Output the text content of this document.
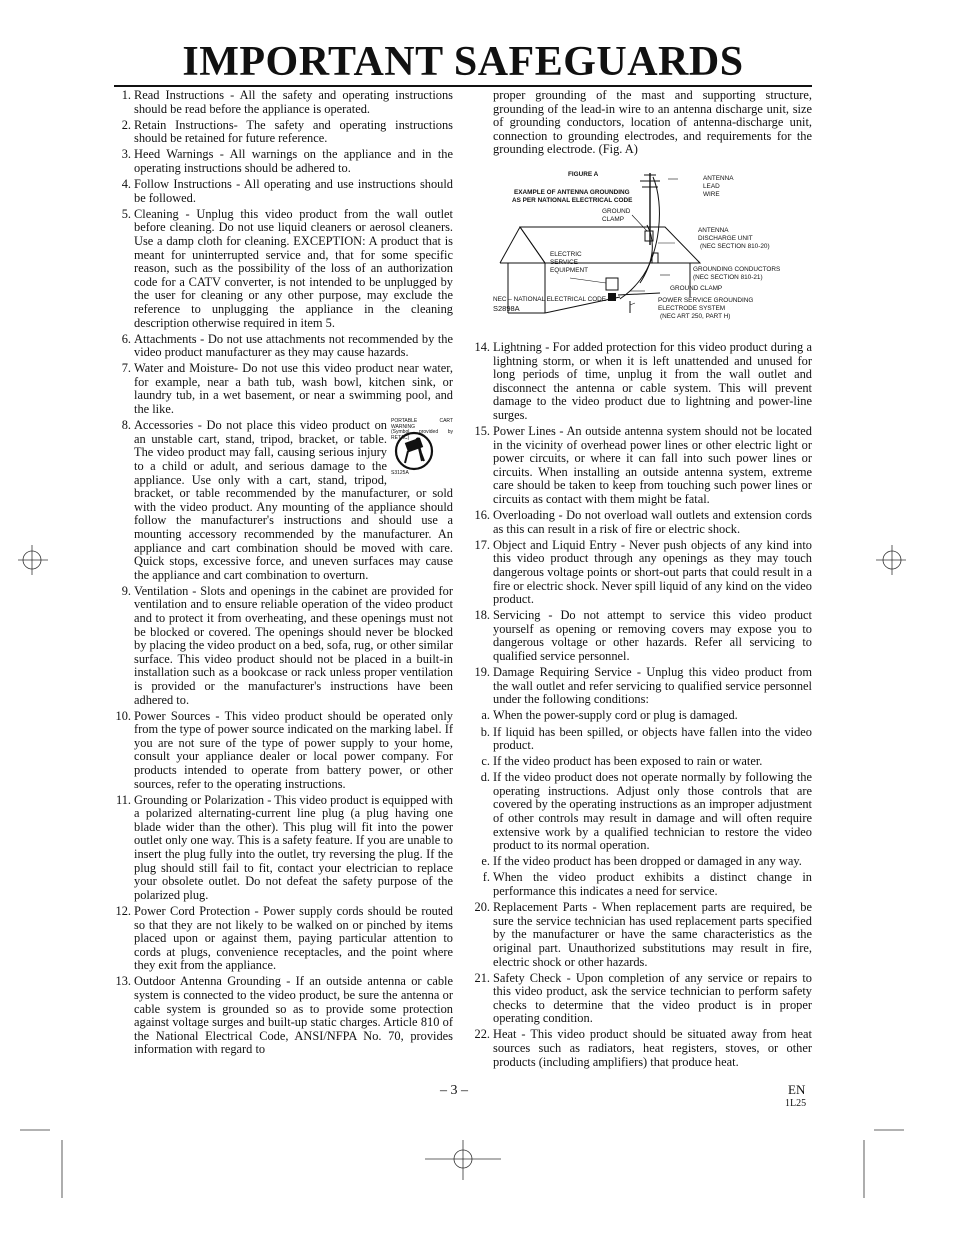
IMPORTANT SAFEGUARDS
1. Read Instructions - All the safety and operating instructions should be read before the appliance is operated.
2. Retain Instructions- The safety and operating instructions should be retained for future reference.
3. Heed Warnings - All warnings on the appliance and in the operating instructions should be adhered to.
4. Follow Instructions - All operating and use instructions should be followed.
5. Cleaning - Unplug this video product from the wall outlet before cleaning. Do not use liquid cleaners or aerosol cleaners. Use a damp cloth for cleaning. EXCEPTION: A product that is meant for uninterrupted service and, that for some specific reason, such as the possibility of the loss of an authorization code for a CATV converter, is not intended to be unplugged by the user for cleaning or any other purpose, may exclude the reference to unplugging the appliance in the cleaning description otherwise required in item 5.
6. Attachments - Do not use attachments not recommended by the video product manufacturer as they may cause hazards.
7. Water and Moisture- Do not use this video product near water, for example, near a bath tub, wash bowl, kitchen sink, or laundry tub, in a wet basement, or near a swimming pool, and the like.
8.	PORTABLE CART WARNING
(Symbol provided by RETAC)
S3125A
Accessories - Do not place this video product on an unstable cart, stand, tripod, bracket, or table. The video product may fall, causing serious injury to a child or adult, and serious damage to the appliance. Use only with a cart, stand, tripod, bracket, or table recommended by the manufacturer, or sold with the video product. Any mounting of the appliance should follow the manufacturer's instructions and should use a mounting accessory recommended by the manufacturer. An appliance and cart combination should be moved with care. Quick stops, excessive force, and uneven surfaces may cause the appliance and cart combination to overturn.
9. Ventilation - Slots and openings in the cabinet are provided for ventilation and to ensure reliable operation of the video product and to protect it from overheating, and these openings must not be blocked or covered. The openings should never be blocked by placing the video product on a bed, sofa, rug, or other similar surface. This video product should not be placed in a built-in installation such as a bookcase or rack unless proper ventilation is provided or the manufacturer's instructions have been adhered to.
10. Power Sources - This video product should be operated only from the type of power source indicated on the marking label. If you are not sure of the type of power supply to your home, consult your appliance dealer or local power company. For products intended to operate from battery power, or other sources, refer to the operating instructions.
11. Grounding or Polarization - This video product is equipped with a polarized alternating-current line plug (a plug having one blade wider than the other). This plug will fit into the power outlet only one way. This is a safety feature. If you are unable to insert the plug fully into the outlet, try reversing the plug. If the plug should still fail to fit, contact your electrician to replace your obsolete outlet. Do not defeat the safety purpose of the polarized plug.
12. Power Cord Protection - Power supply cords should be routed so that they are not likely to be walked on or pinched by items placed upon or against them, paying particular attention to cords at plugs, convenience receptacles, and the point where they exit from the appliance.
13. Outdoor Antenna Grounding - If an outside antenna or cable system is connected to the video product, be sure the antenna or cable system is grounded so as to provide some protection against voltage surges and built-up static charges. Article 810 of the National Electrical Code, ANSI/NFPA No. 70, provides information with regard to
proper grounding of the mast and supporting structure, grounding of the lead-in wire to an antenna discharge unit, size of grounding conductors, location of antenna-discharge unit, connection to grounding electrodes, and requirements for the grounding electrode. (Fig. A)
FIGURE A
EXAMPLE OF ANTENNA GROUNDING
AS PER NATIONAL ELECTRICAL CODE
ANTENNA
LEAD
WIRE
GROUND
CLAMP
ANTENNA
DISCHARGE UNIT
(NEC SECTION 810-20)
ELECTRIC
SERVICE
EQUIPMENT	GROUNDING CONDUCTORS
(NEC SECTION 810-21)
GROUND CLAMP
NEC – NATIONAL ELECTRICAL CODE
S2898A
POWER SERVICE GROUNDING
ELECTRODE SYSTEM
(NEC ART 250, PART H)
14. Lightning - For added protection for this video product during a lightning storm, or when it is left unattended and unused for long periods of time, unplug it from the wall outlet and disconnect the antenna or cable system. This will prevent damage to the video product due to lightning and power-line surges.
15. Power Lines - An outside antenna system should not be located in the vicinity of overhead power lines or other electric light or power circuits, or where it can fall into such power lines or circuits. When installing an outside antenna system, extreme care should be taken to keep from touching such power lines or circuits as contact with them might be fatal.
16. Overloading - Do not overload wall outlets and extension cords as this can result in a risk of fire or electric shock.
17. Object and Liquid Entry - Never push objects of any kind into this video product through any openings as they may touch dangerous voltage points or short-out parts that could result in a fire or electric shock. Never spill liquid of any kind on the video product.
18. Servicing - Do not attempt to service this video product yourself as opening or removing covers may expose you to dangerous voltage or other hazards. Refer all servicing to qualified service personnel.
19. Damage Requiring Service - Unplug this video product from the wall outlet and refer servicing to qualified service personnel under the following conditions:
a. When the power-supply cord or plug is damaged.
b. If liquid has been spilled, or objects have fallen into the video product.
c. If the video product has been exposed to rain or water.
d. If the video product does not operate normally by following the operating instructions. Adjust only those controls that are covered by the operating instructions as an improper adjustment of other controls may result in damage and will often require extensive work by a qualified technician to restore the video product to its normal operation.
e. If the video product has been dropped or damaged in any way.
f. When the video product exhibits a distinct change in performance this indicates a need for service.
20. Replacement Parts - When replacement parts are required, be sure the service technician has used replacement parts specified by the manufacturer or have the same characteristics as the original part. Unauthorized substitutions may result in fire, electric shock or other hazards.
21. Safety Check - Upon completion of any service or repairs to this video product, ask the service technician to perform safety checks to determine that the video product is in proper operating condition.
22. Heat - This video product should be situated away from heat sources such as radiators, heat registers, stoves, or other products (including amplifiers) that produce heat.
– 3 –	EN
1L25
